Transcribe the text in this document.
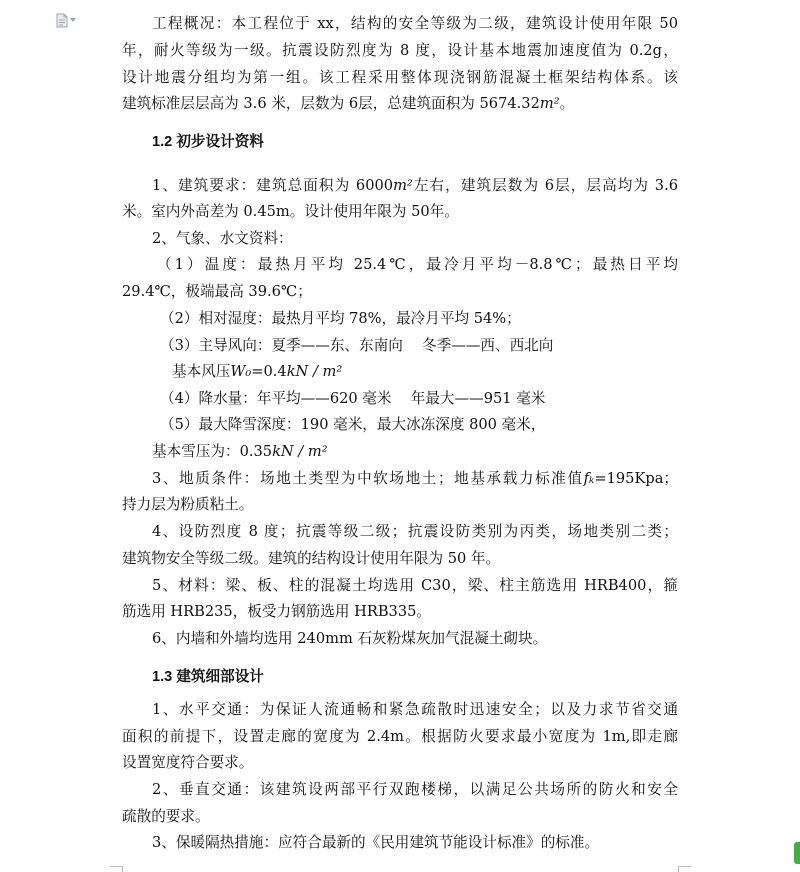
工程概况：本工程位于 xx，结构的安全等级为二级，建筑设计使用年限 50
年，耐火等级为一级。抗震设防烈度为 8 度，设计基本地震加速度值为 0.2g，
设计地震分组均为第一组。该工程采用整体现浇钢筋混凝土框架结构体系。该
建筑标准层层高为 3.6 米，层数为 6层，总建筑面积为 5674.32m²。
1.2 初步设计资料
1、建筑要求：建筑总面积为 6000m²左右，建筑层数为 6层，层高均为 3.6
米。室内外高差为 0.45m。设计使用年限为 50年。
2、气象、水文资料：
（1）温度：最热月平均 25.4℃，最冷月平均－8.8℃；最热日平均
29.4℃，极端最高 39.6℃；
（2）相对湿度：最热月平均 78%，最冷月平均 54%；
（3）主导风向：夏季——东、东南向　 冬季——西、西北向
基本风压W₀=0.4kN / m²
（4）降水量：年平均——620 毫米　 年最大——951 毫米
（5）最大降雪深度：190 毫米，最大冰冻深度 800 毫米，
基本雪压为：0.35kN / m²
3、地质条件：场地土类型为中软场地土；地基承载力标准值fₖ=195Kpa；
持力层为粉质粘土。
4、设防烈度 8 度；抗震等级二级；抗震设防类别为丙类，场地类别二类；
建筑物安全等级二级。建筑的结构设计使用年限为 50 年。
5、材料：梁、板、柱的混凝土均选用 C30，梁、柱主筋选用 HRB400，箍
筋选用 HRB235，板受力钢筋选用 HRB335。
6、内墙和外墙均选用 240mm 石灰粉煤灰加气混凝土砌块。
1.3 建筑细部设计
1、水平交通：为保证人流通畅和紧急疏散时迅速安全；以及力求节省交通
面积的前提下，设置走廊的宽度为 2.4m。根据防火要求最小宽度为 1m,即走廊
设置宽度符合要求。
2、垂直交通：该建筑设两部平行双跑楼梯，以满足公共场所的防火和安全
疏散的要求。
3、保暖隔热措施：应符合最新的《民用建筑节能设计标准》的标准。
